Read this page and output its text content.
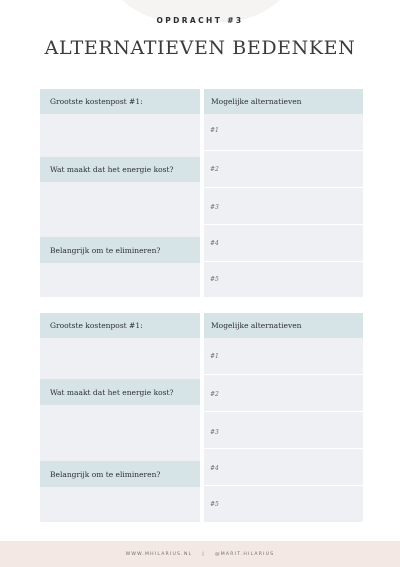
OPDRACHT #3
ALTERNATIEVEN BEDENKEN
Grootste kostenpost #1:
Wat maakt dat het energie kost?
Belangrijk om te elimineren?
Mogelijke alternatieven
#1
#2
#3
#4
#5
Grootste kostenpost #1:
Wat maakt dat het energie kost?
Belangrijk om te elimineren?
Mogelijke alternatieven
#1
#2
#3
#4
#5
WWW.MHILARIUS.NL | @MARIT.HILARIUS
